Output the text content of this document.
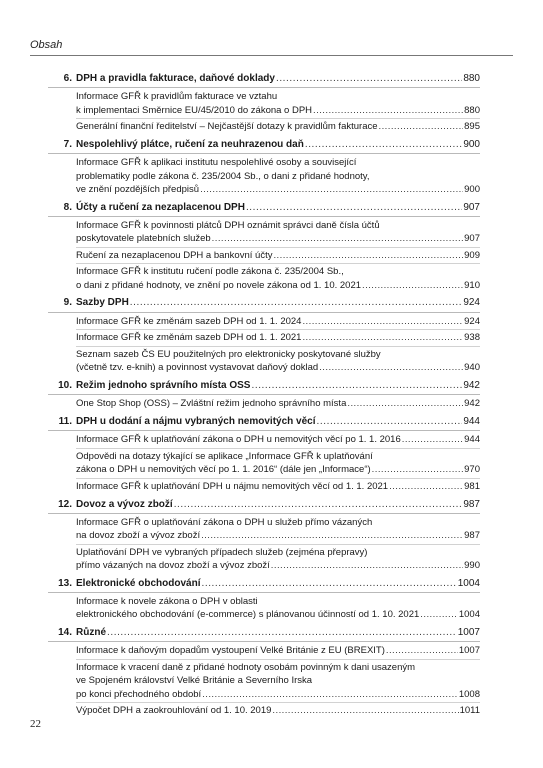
Obsah
6. DPH a pravidla fakturace, daňové doklady . . .	880
Informace GFŘ k pravidlům fakturace ve vztahu
k implementaci Směrnice EU/45/2010 do zákona o DPH . . .	880
Generální finanční ředitelství – Nejčastější dotazy k pravidlům fakturace . . .	895
7. Nespolehlivý plátce, ručení za neuhrazenou daň . . .	900
Informace GFŘ k aplikaci institutu nespolehlivé osoby a související
problematiky podle zákona č. 235/2004 Sb., o dani z přidané hodnoty,
ve znění pozdějších předpisů . . .	900
8. Účty a ručení za nezaplacenou DPH . . .	907
Informace GFŘ k povinnosti plátců DPH oznámit správci daně čísla účtů
poskytovatele platebních služeb . . .	907
Ručení za nezaplacenou DPH a bankovní účty . . .	909
Informace GFŘ k institutu ručení podle zákona č. 235/2004 Sb.,
o dani z přidané hodnoty, ve znění po novele zákona od 1. 10. 2021 . . .	910
9. Sazby DPH . . .	924
Informace GFŘ ke změnám sazeb DPH od 1. 1. 2024 . . .	924
Informace GFŘ ke změnám sazeb DPH od 1. 1. 2021 . . .	938
Seznam sazeb ČS EU použitelných pro elektronicky poskytované služby
(včetně tzv. e-knih) a povinnost vystavovat daňový doklad . . .	940
10. Režim jednoho správního místa OSS . . .	942
One Stop Shop (OSS) – Zvláštní režim jednoho správního místa . . .	942
11. DPH u dodání a nájmu vybraných nemovitých věcí . . .	944
Informace GFŘ k uplatňování zákona o DPH u nemovitých věcí po 1. 1. 2016 . . .	944
Odpovědi na dotazy týkající se aplikace „Informace GFŘ k uplatňování
zákona o DPH u nemovitých věcí po 1. 1. 2016“ (dále jen „Informace“) . . .	970
Informace GFŘ k uplatňování DPH u nájmu nemovitých věcí od 1. 1. 2021 . . .	981
12. Dovoz a vývoz zboží . . .	987
Informace GFŘ o uplatňování zákona o DPH u služeb přímo vázaných
na dovoz zboží a vývoz zboží . . .	987
Uplatňování DPH ve vybraných případech služeb (zejména přepravy)
přímo vázaných na dovoz zboží a vývoz zboží . . .	990
13. Elektronické obchodování . . .	1004
Informace k novele zákona o DPH v oblasti
elektronického obchodování (e-commerce) s plánovanou účinností od 1. 10. 2021 . . .	1004
14. Různé . . .	1007
Informace k daňovým dopadům vystoupení Velké Británie z EU (BREXIT) . . .	1007
Informace k vracení daně z přidané hodnoty osobám povinným k dani usazeným
ve Spojeném království Velké Británie a Severního Irska
po konci přechodného období . . .	1008
Výpočet DPH a zaokrouhlování od 1. 10. 2019 . . .	1011
22
